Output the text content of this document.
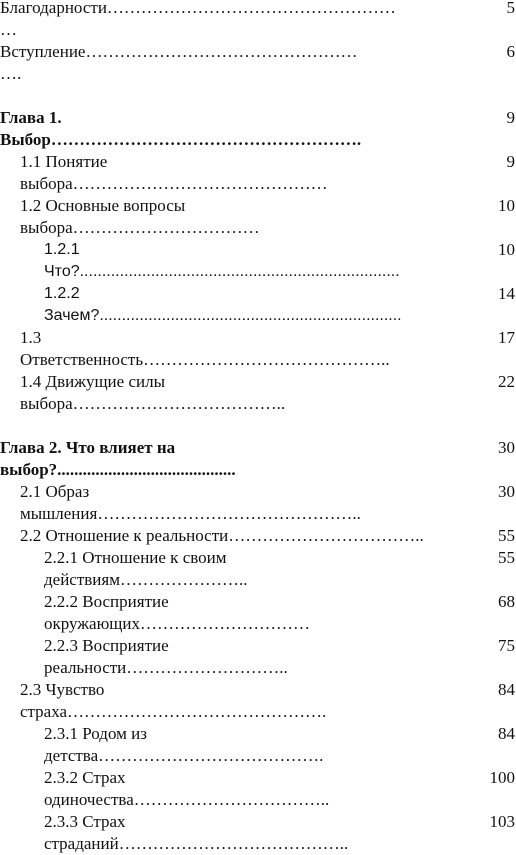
Благодарности……………………………………………
…
5
Вступление…………………………………………
….
6
Глава 1.
Выбор……………………………………………….
9
1.1 Понятие
выбора………………………………………
9
1.2 Основные вопросы
выбора……………………………
10
1.2.1
Что?........................................................................
10
1.2.2
Зачем?....................................................................
14
1.3
Ответственность……………………………………..
17
1.4 Движущие силы
выбора………………………………..
22
Глава 2. Что влияет на
выбор?..........................................
30
2.1 Образ
мышления………………………………………..
30
2.2 Отношение к реальности……………………………..	55
2.2.1 Отношение к своим
действиям…………………..
55
2.2.2 Восприятие
окружающих…………………………
68
2.2.3 Восприятие
реальности………………………..
75
2.3 Чувство
страха……………………………………….
84
2.3.1 Родом из
детства………………………………….
84
2.3.2 Страх
одиночества……………………………..
100
2.3.3 Страх
страданий…………………………………..
103
